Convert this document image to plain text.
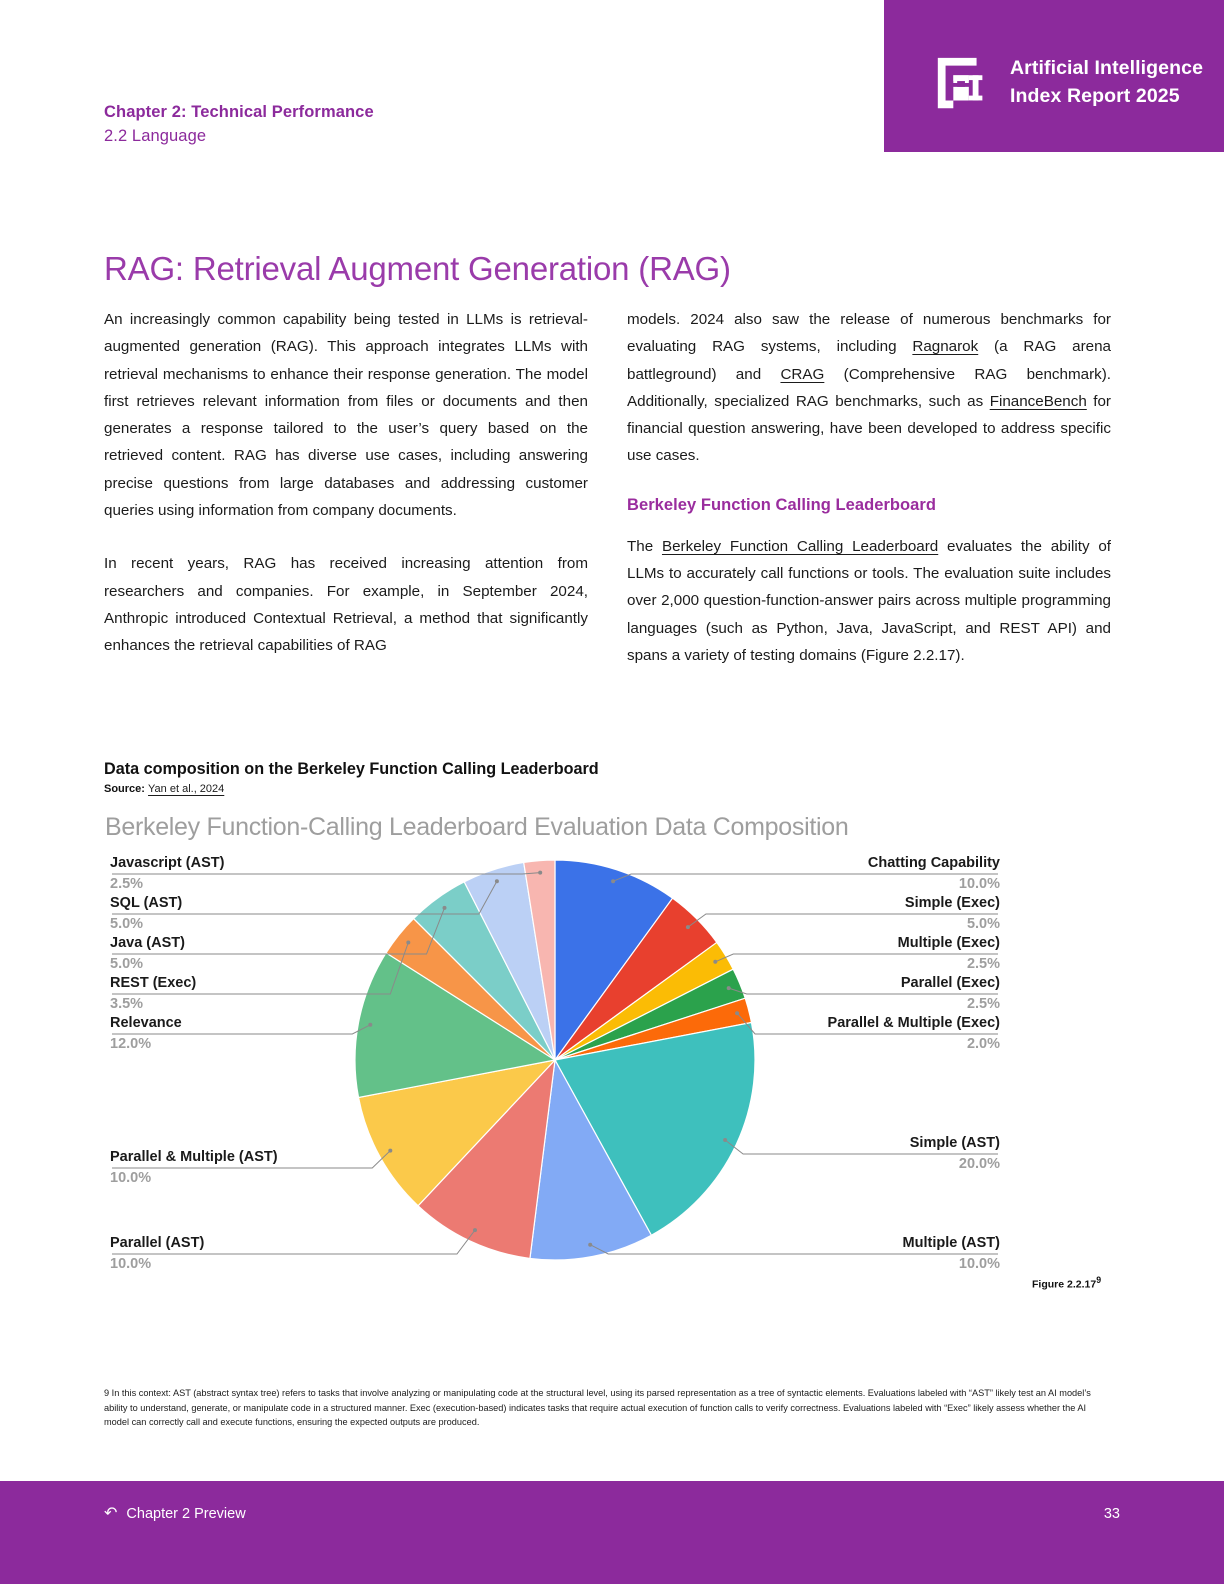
Artificial Intelligence
Index Report 2025
Chapter 2: Technical Performance
2.2 Language
RAG: Retrieval Augment Generation (RAG)

An increasingly common capability being tested in LLMs is retrieval-augmented generation (RAG). This approach integrates LLMs with retrieval mechanisms to enhance their response generation. The model first retrieves relevant information from files or documents and then generates a response tailored to the user’s query based on the retrieved content. RAG has diverse use cases, including answering precise questions from large databases and addressing customer queries using information from company documents.

In recent years, RAG has received increasing attention from researchers and companies. For example, in September 2024, Anthropic introduced Contextual Retrieval, a method that significantly enhances the retrieval capabilities of RAG

models. 2024 also saw the release of numerous benchmarks for evaluating RAG systems, including Ragnarok (a RAG arena battleground) and CRAG (Comprehensive RAG benchmark). Additionally, specialized RAG benchmarks, such as FinanceBench for financial question answering, have been developed to address specific use cases.

Berkeley Function Calling Leaderboard

The Berkeley Function Calling Leaderboard evaluates the ability of LLMs to accurately call functions or tools. The evaluation suite includes over 2,000 question-function-answer pairs across multiple programming languages (such as Python, Java, JavaScript, and REST API) and spans a variety of testing domains (Figure 2.2.17).

Data composition on the Berkeley Function Calling Leaderboard
Source: Yan et al., 2024
Berkeley Function-Calling Leaderboard Evaluation Data Composition
Chatting Capability
10.0%
Simple (Exec)
5.0%
Multiple (Exec)
2.5%
Parallel (Exec)
2.5%
Parallel & Multiple (Exec)
2.0%
Simple (AST)
20.0%
Multiple (AST)
10.0%
Parallel (AST)
10.0%
Parallel & Multiple (AST)
10.0%
Relevance
12.0%
REST (Exec)
3.5%
Java (AST)
5.0%
SQL (AST)
5.0%
Javascript (AST)
2.5%
Figure 2.2.17$^9$
9 In this context: AST (abstract syntax tree) refers to tasks that involve analyzing or manipulating code at the structural level, using its parsed representation as a tree of syntactic elements. Evaluations labeled with “AST” likely test an AI model’s ability to understand, generate, or manipulate code in a structured manner. Exec (execution-based) indicates tasks that require actual execution of function calls to verify correctness. Evaluations labeled with “Exec” likely assess whether the AI model can correctly call and execute functions, ensuring the expected outputs are produced.
↶ Chapter 2 Preview	33
